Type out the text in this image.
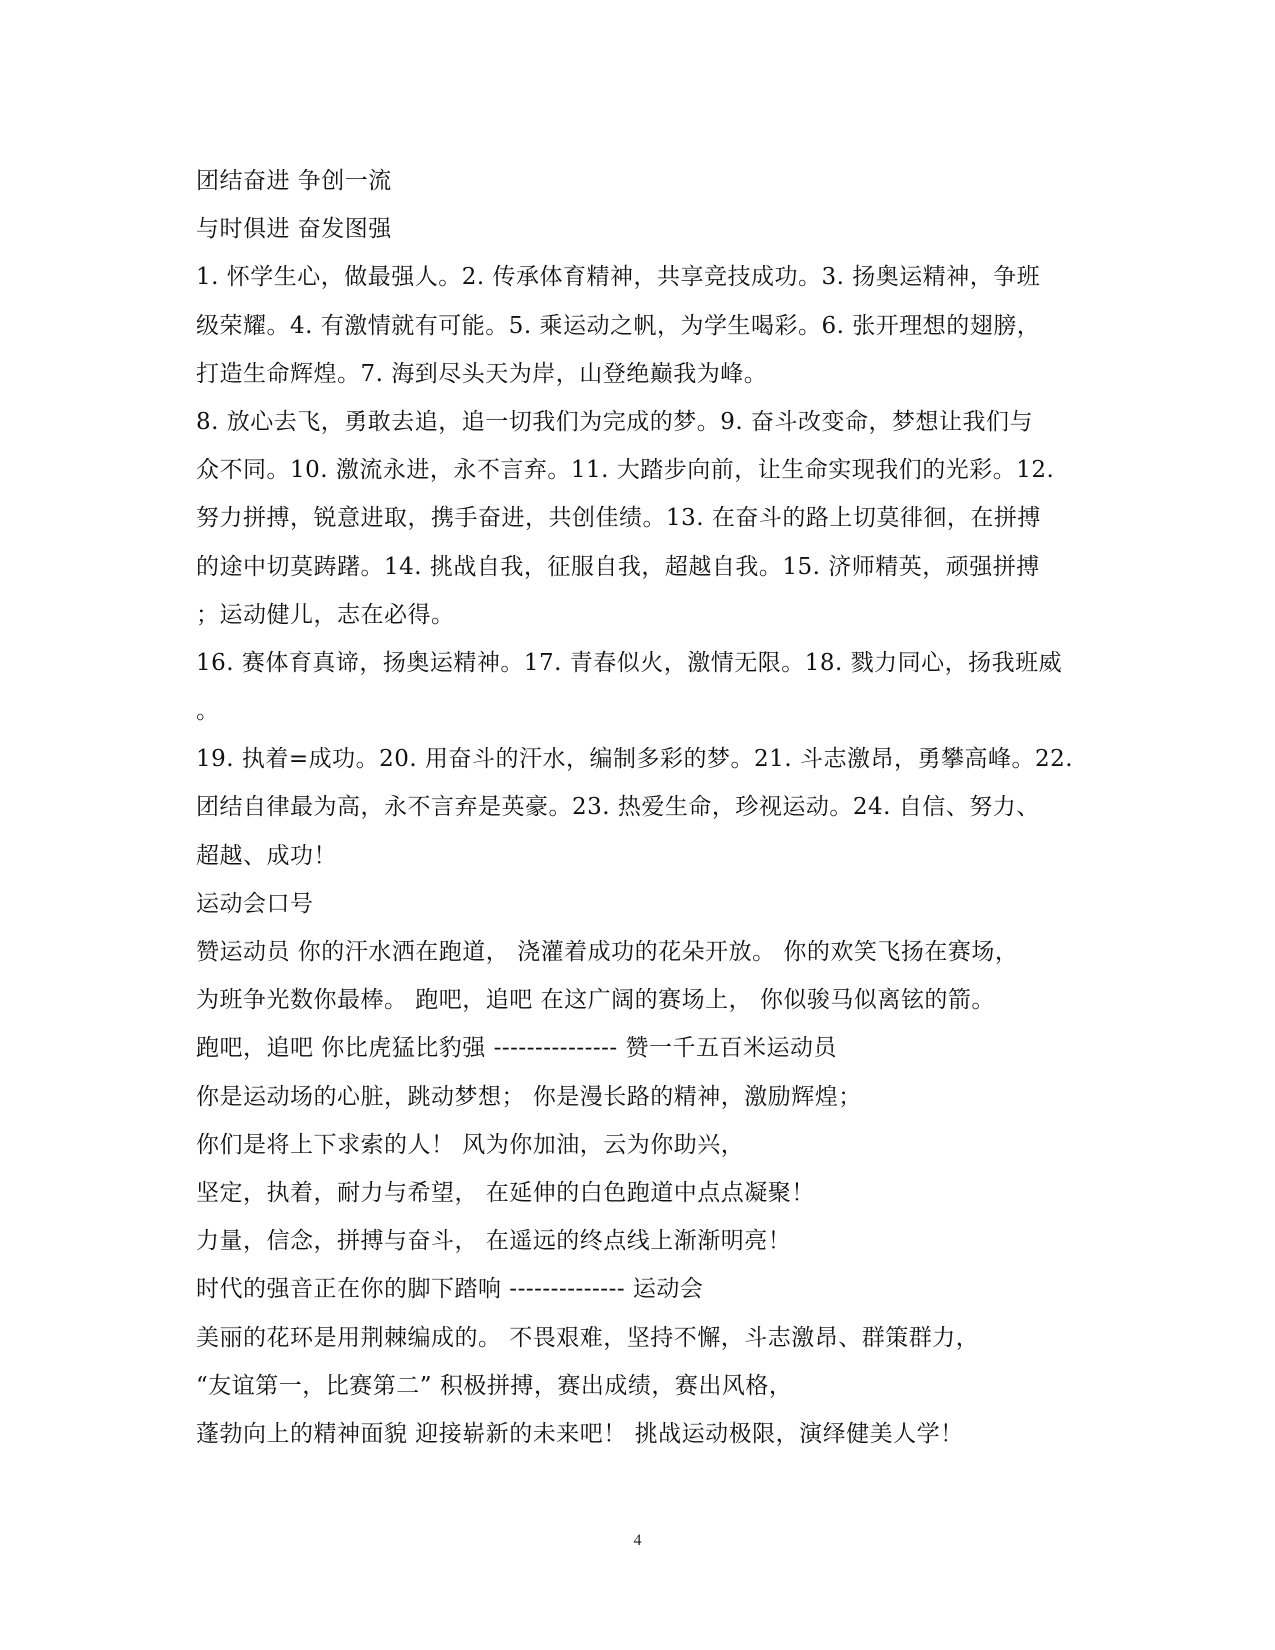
团结奋进 争创一流
与时俱进 奋发图强
1. 怀学生心，做最强人。2. 传承体育精神，共享竞技成功。3. 扬奥运精神，争班
级荣耀。4. 有激情就有可能。5. 乘运动之帆，为学生喝彩。6. 张开理想的翅膀，
打造生命辉煌。7. 海到尽头天为岸，山登绝巅我为峰。
8. 放心去飞，勇敢去追，追一切我们为完成的梦。9. 奋斗改变命，梦想让我们与
众不同。10. 激流永进，永不言弃。11. 大踏步向前，让生命实现我们的光彩。12.
努力拼搏，锐意进取，携手奋进，共创佳绩。13. 在奋斗的路上切莫徘徊，在拼搏
的途中切莫踌躇。14. 挑战自我，征服自我，超越自我。15. 济师精英，顽强拼搏
；运动健儿，志在必得。
16. 赛体育真谛，扬奥运精神。17. 青春似火，激情无限。18. 戮力同心，扬我班威
。
19. 执着=成功。20. 用奋斗的汗水，编制多彩的梦。21. 斗志激昂，勇攀高峰。22.
团结自律最为高，永不言弃是英豪。23. 热爱生命，珍视运动。24. 自信、努力、
超越、成功！
运动会口号
赞运动员 你的汗水洒在跑道， 浇灌着成功的花朵开放。 你的欢笑飞扬在赛场，
为班争光数你最棒。 跑吧，追吧 在这广阔的赛场上， 你似骏马似离铉的箭。
跑吧，追吧 你比虎猛比豹强 --------------- 赞一千五百米运动员
你是运动场的心脏，跳动梦想； 你是漫长路的精神，激励辉煌；
你们是将上下求索的人！ 风为你加油，云为你助兴，
坚定，执着，耐力与希望， 在延伸的白色跑道中点点凝聚！
力量，信念，拼搏与奋斗， 在遥远的终点线上渐渐明亮！
时代的强音正在你的脚下踏响 -------------- 运动会
美丽的花环是用荆棘编成的。 不畏艰难，坚持不懈，斗志激昂、群策群力，
“友谊第一，比赛第二” 积极拼搏，赛出成绩，赛出风格，
蓬勃向上的精神面貌 迎接崭新的未来吧！ 挑战运动极限，演绎健美人学！
4
